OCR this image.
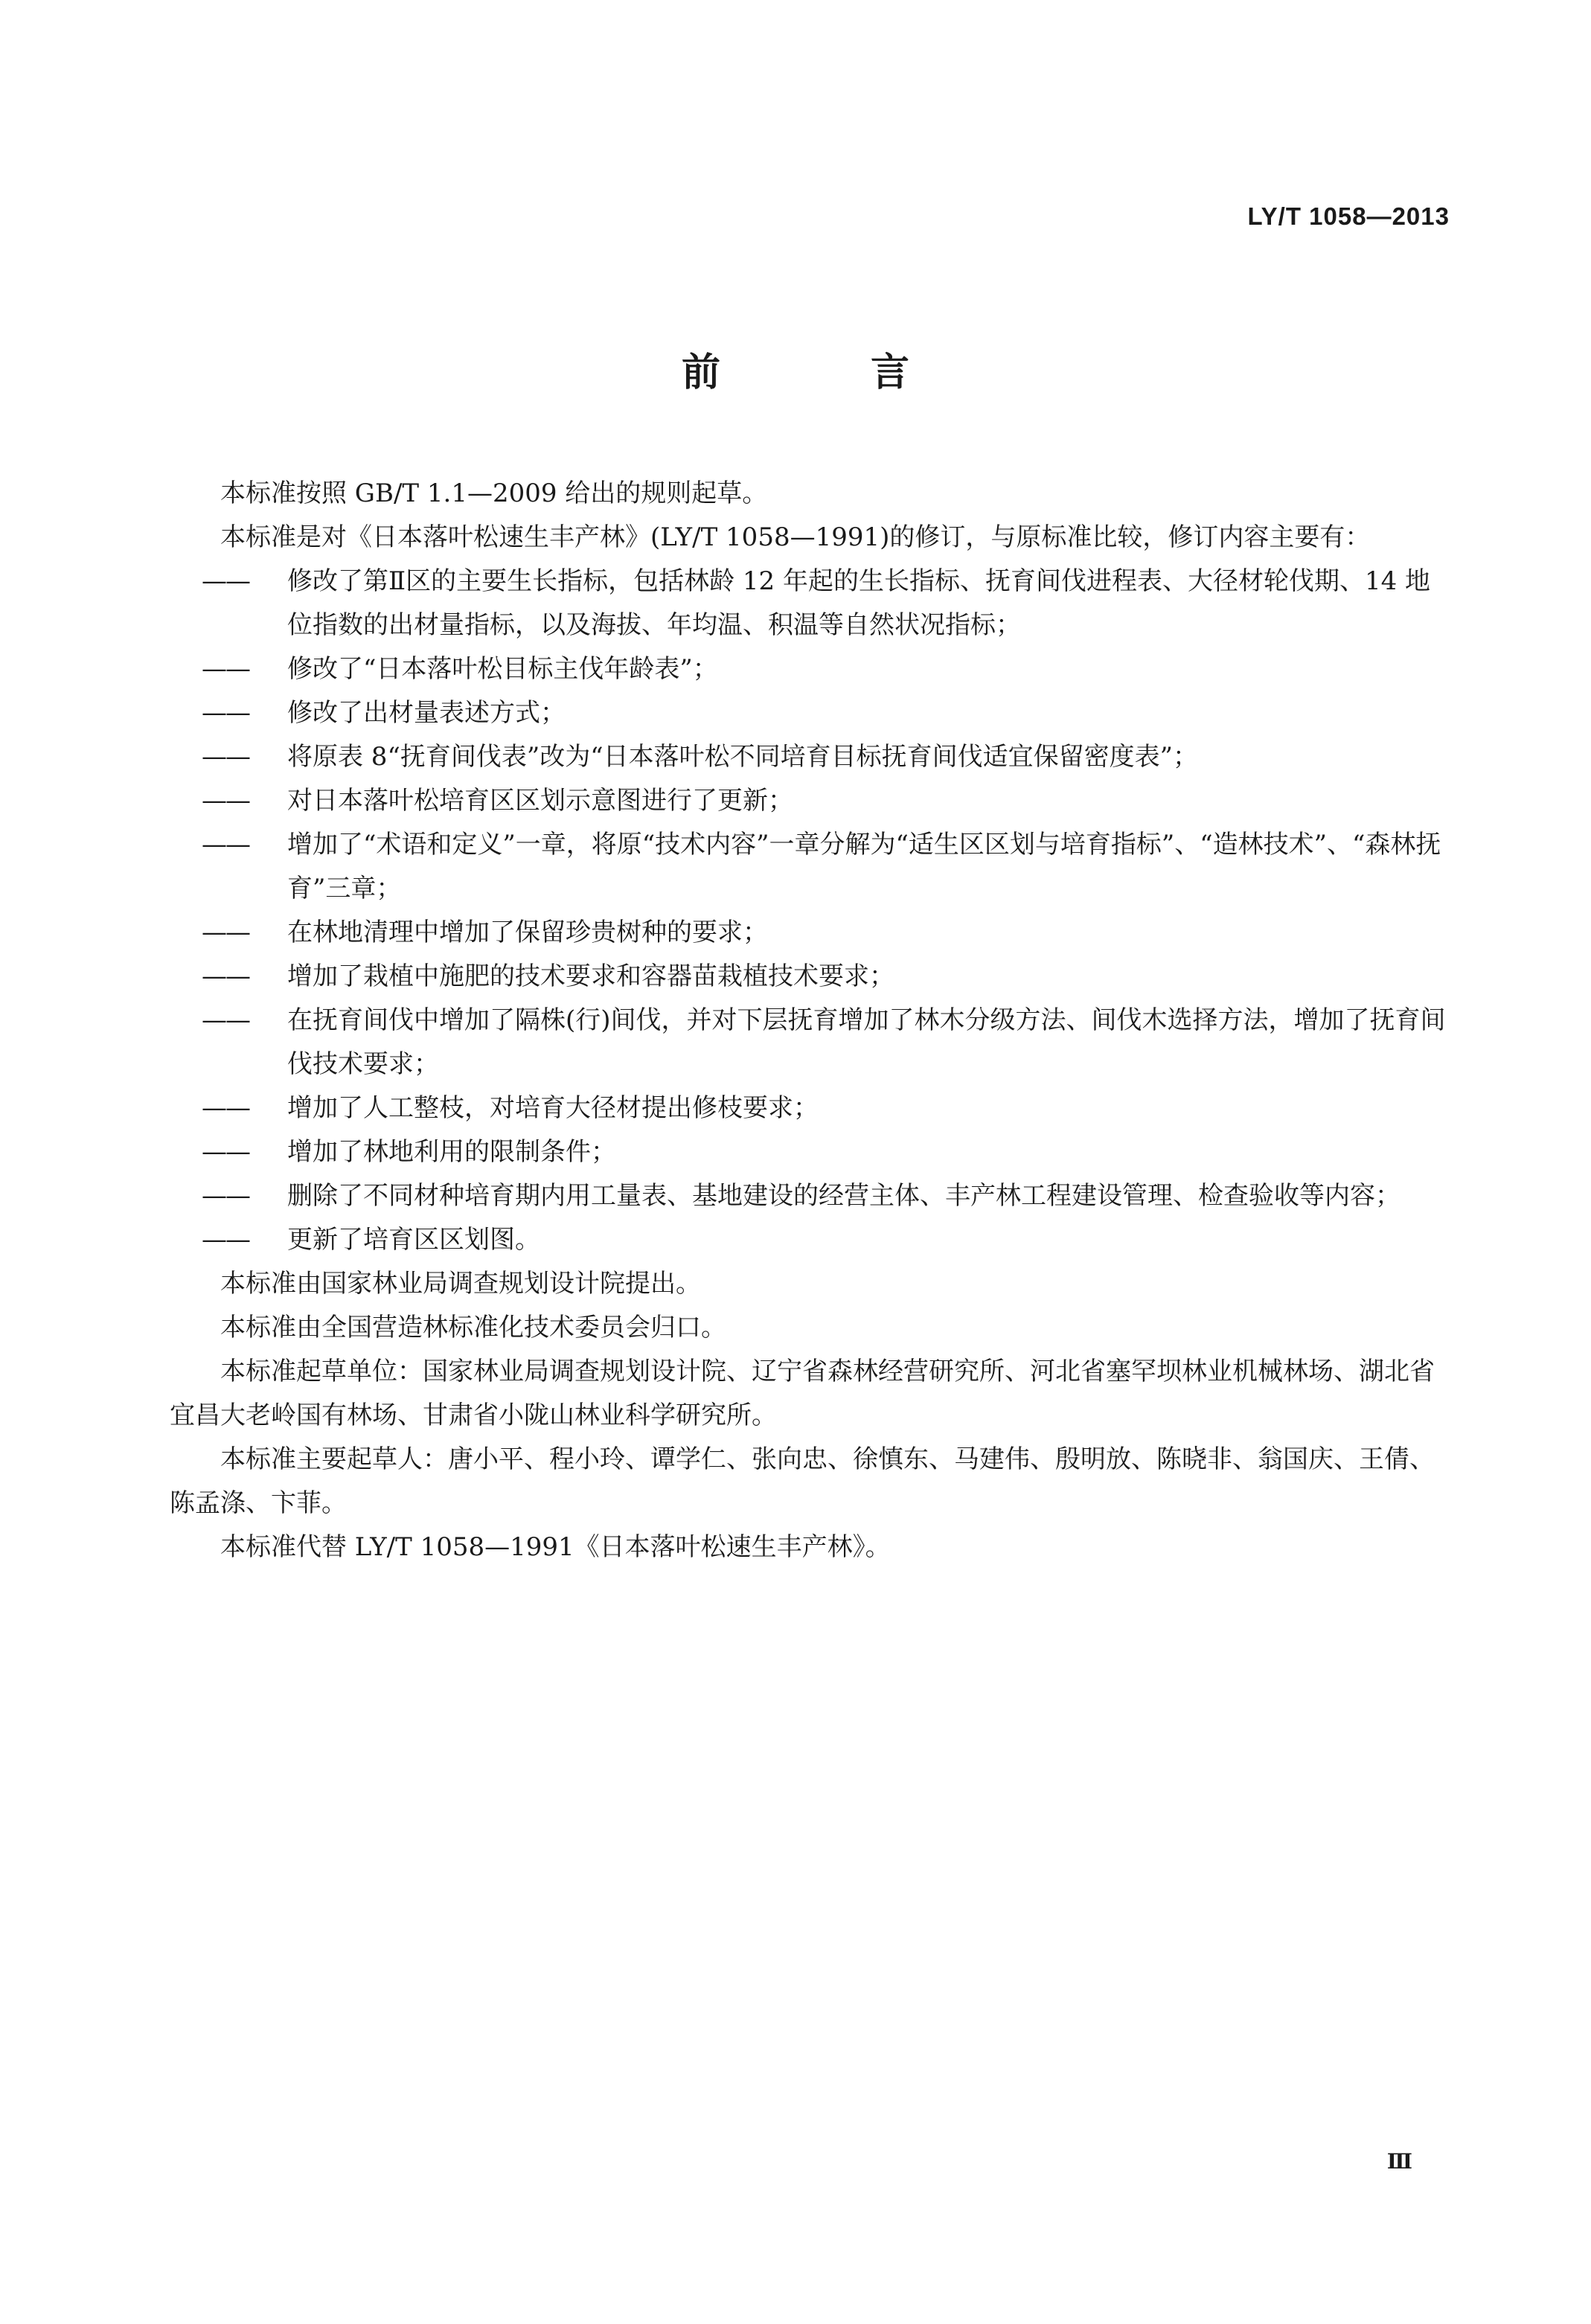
LY/T 1058—2013
前 言

本标准按照 GB/T 1.1—2009 给出的规则起草。

本标准是对《日本落叶松速生丰产林》(LY/T 1058—1991)的修订，与原标准比较，修订内容主要有：

—— 修改了第Ⅱ区的主要生长指标，包括林龄 12 年起的生长指标、抚育间伐进程表、大径材轮伐期、14 地位指数的出材量指标，以及海拔、年均温、积温等自然状况指标；

—— 修改了“日本落叶松目标主伐年龄表”；

—— 修改了出材量表述方式；

—— 将原表 8“抚育间伐表”改为“日本落叶松不同培育目标抚育间伐适宜保留密度表”；

—— 对日本落叶松培育区区划示意图进行了更新；

—— 增加了“术语和定义”一章，将原“技术内容”一章分解为“适生区区划与培育指标”、“造林技术”、“森林抚育”三章；

—— 在林地清理中增加了保留珍贵树种的要求；

—— 增加了栽植中施肥的技术要求和容器苗栽植技术要求；

—— 在抚育间伐中增加了隔株(行)间伐，并对下层抚育增加了林木分级方法、间伐木选择方法，增加了抚育间伐技术要求；

—— 增加了人工整枝，对培育大径材提出修枝要求；

—— 增加了林地利用的限制条件；

—— 删除了不同材种培育期内用工量表、基地建设的经营主体、丰产林工程建设管理、检查验收等内容；

—— 更新了培育区区划图。

本标准由国家林业局调查规划设计院提出。

本标准由全国营造林标准化技术委员会归口。

本标准起草单位：国家林业局调查规划设计院、辽宁省森林经营研究所、河北省塞罕坝林业机械林场、湖北省宜昌大老岭国有林场、甘肃省小陇山林业科学研究所。

本标准主要起草人：唐小平、程小玲、谭学仁、张向忠、徐慎东、马建伟、殷明放、陈晓非、翁国庆、王倩、陈孟涤、卞菲。

本标准代替 LY/T 1058—1991《日本落叶松速生丰产林》。

Ⅲ
